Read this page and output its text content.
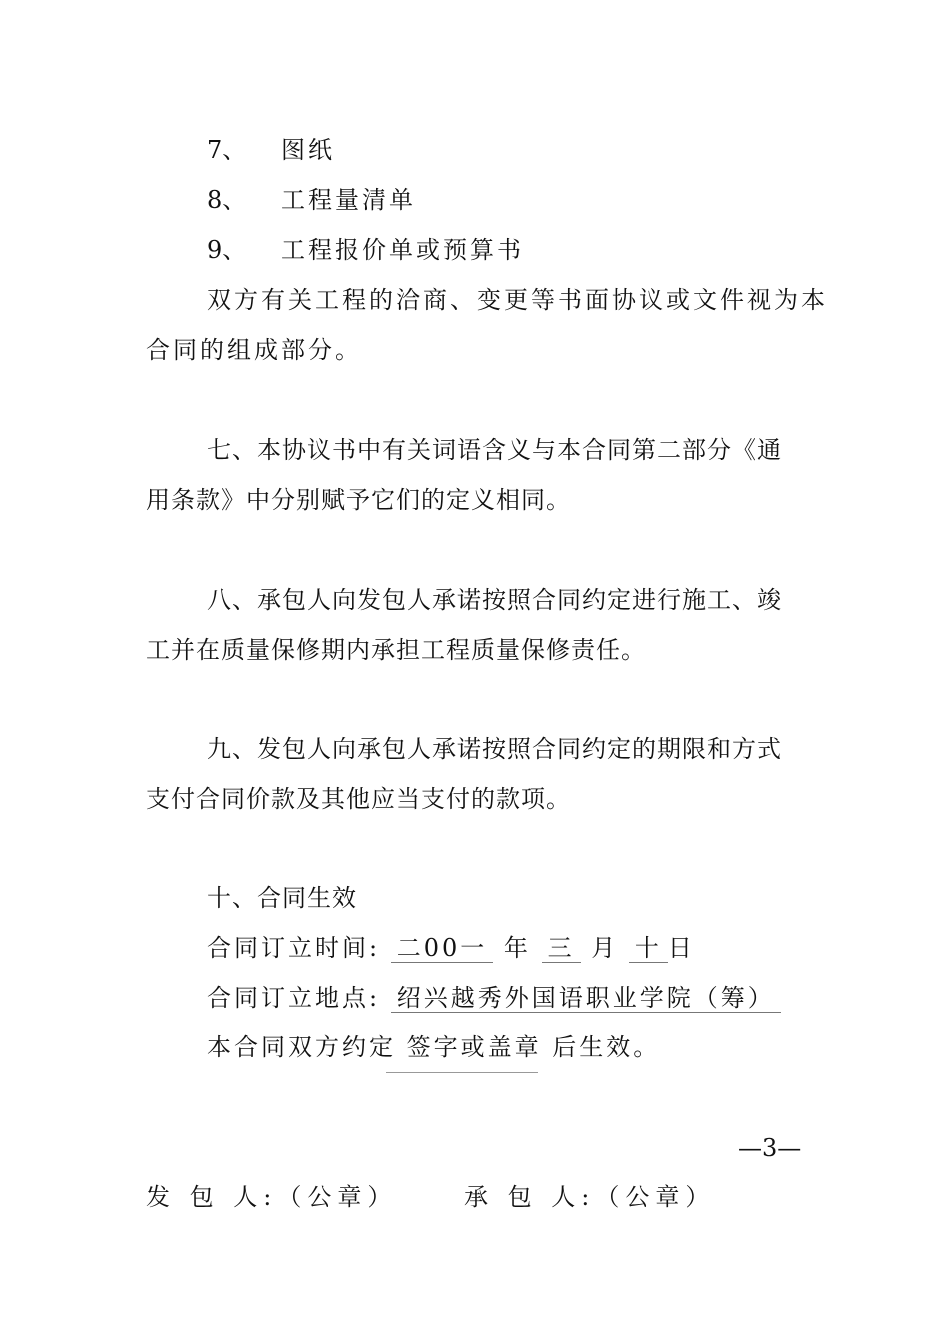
7、 图纸
8、 工程量清单
9、 工程报价单或预算书
双方有关工程的洽商、变更等书面协议或文件视为本
合同的组成部分。
七、本协议书中有关词语含义与本合同第二部分《通
用条款》中分别赋予它们的定义相同。
八、承包人向发包人承诺按照合同约定进行施工、竣
工并在质量保修期内承担工程质量保修责任。
九、发包人向承包人承诺按照合同约定的期限和方式
支付合同价款及其他应当支付的款项。
十、合同生效
合同订立时间: 二00一 年 三 月 十 日
合同订立地点: 绍兴越秀外国语职业学院（筹）
本合同双方约定 签字或盖章 后生效。
—3—
发 包 人:（公章）	承 包 人:（公章）
